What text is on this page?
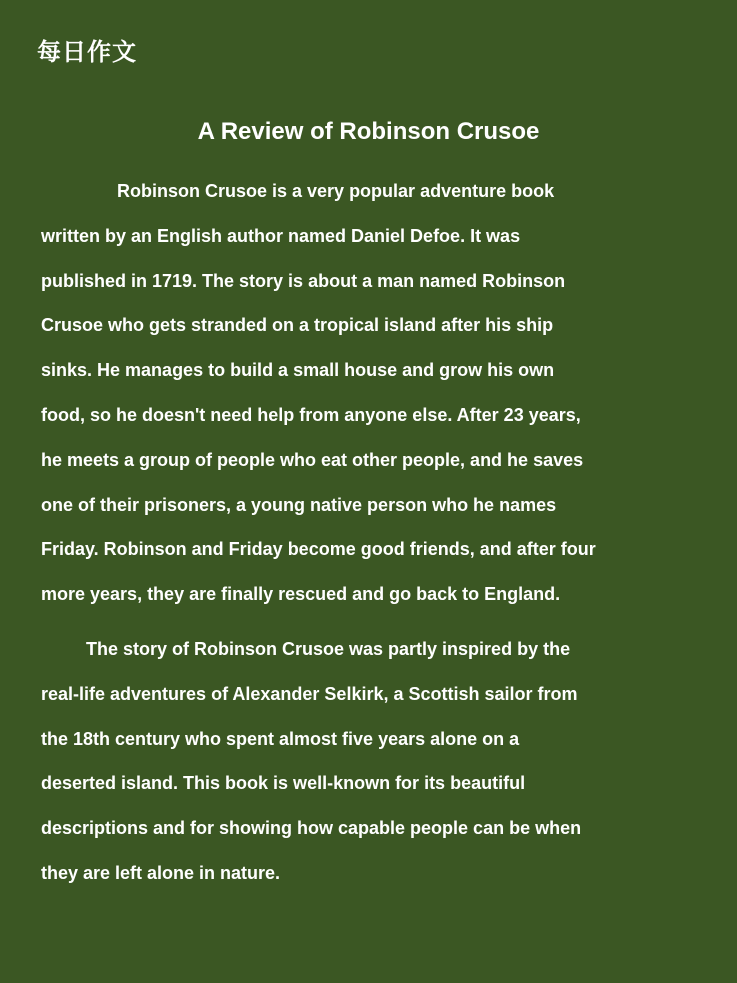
每日作文
A Review of Robinson Crusoe

Robinson Crusoe is a very popular adventure book
written by an English author named Daniel Defoe. It was
published in 1719. The story is about a man named Robinson
Crusoe who gets stranded on a tropical island after his ship
sinks. He manages to build a small house and grow his own
food, so he doesn't need help from anyone else. After 23 years,
he meets a group of people who eat other people, and he saves
one of their prisoners, a young native person who he names
Friday. Robinson and Friday become good friends, and after four
more years, they are finally rescued and go back to England.

The story of Robinson Crusoe was partly inspired by the
real-life adventures of Alexander Selkirk, a Scottish sailor from
the 18th century who spent almost five years alone on a
deserted island. This book is well-known for its beautiful
descriptions and for showing how capable people can be when
they are left alone in nature.
